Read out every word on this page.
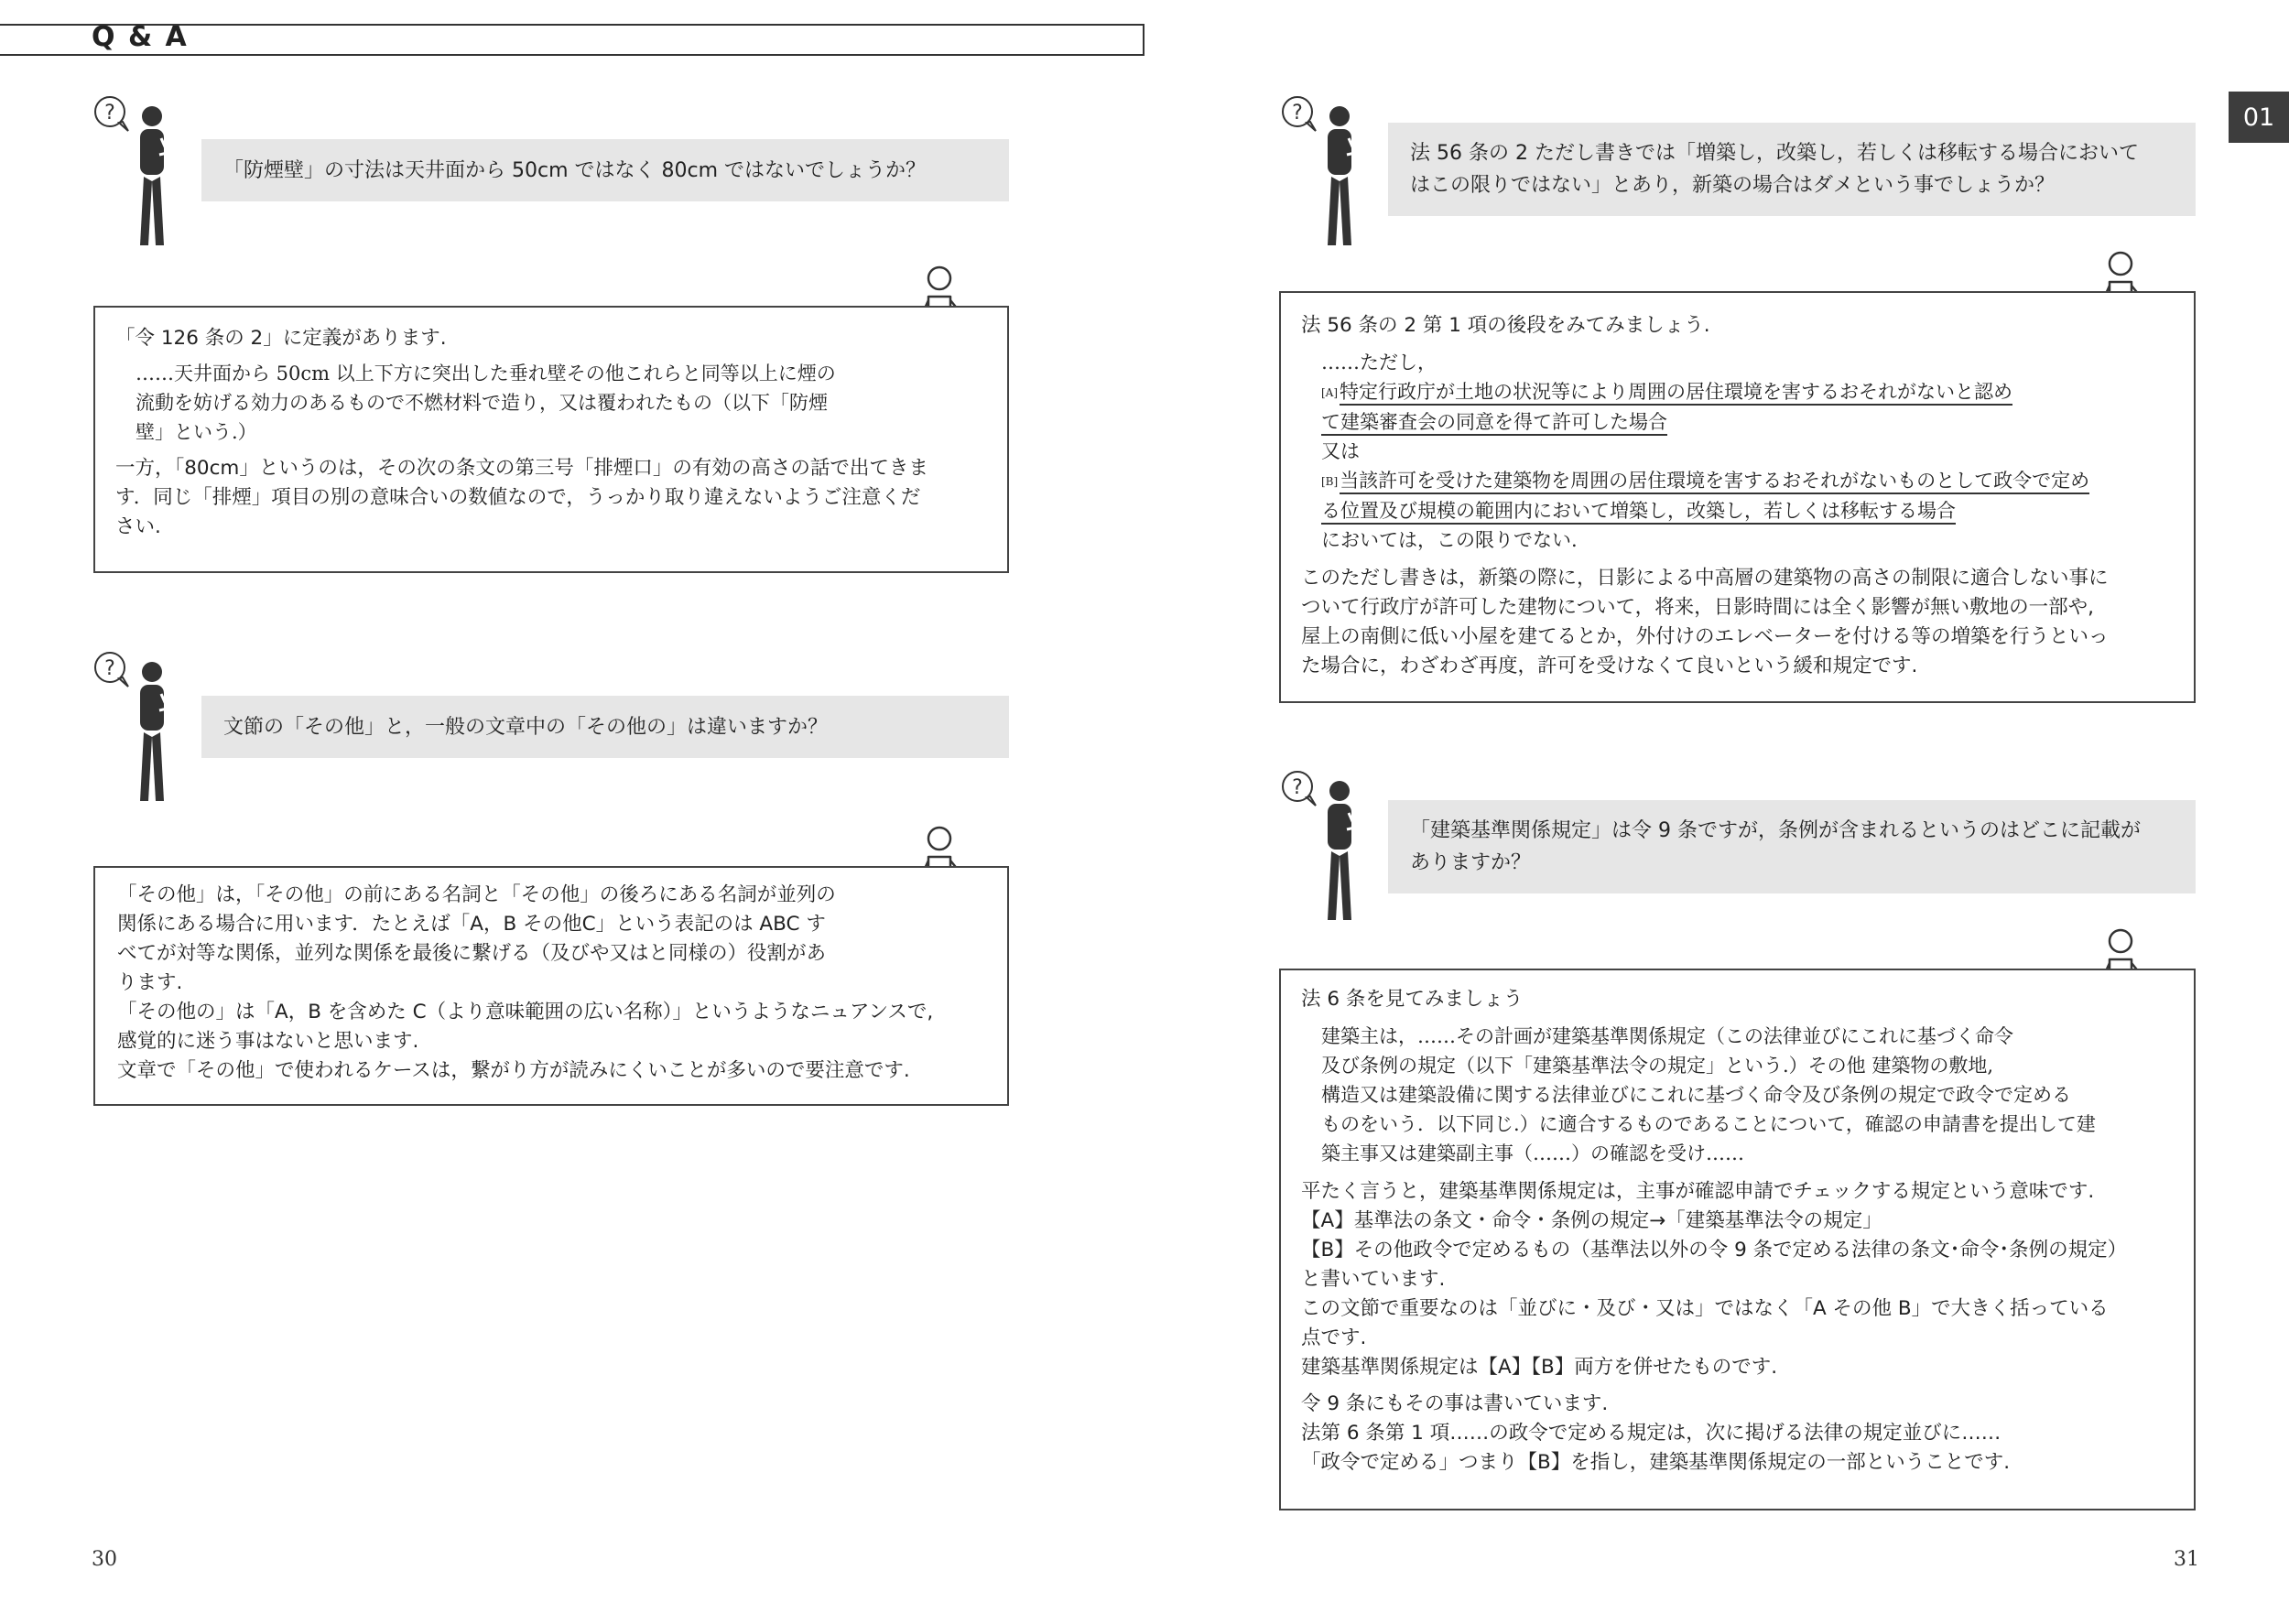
Q & A
01
?
「防煙壁」の寸法は天井面から 50cm ではなく 80cm ではないでしょうか？

「令 126 条の 2」に定義があります.

……天井面から 50cm 以上下方に突出した垂れ壁その他これらと同等以上に煙の

流動を妨げる効力のあるもので不燃材料で造り，又は覆われたもの（以下「防煙

壁」という.）

一方，「80cm」というのは，その次の条文の第三号「排煙口」の有効の高さの話で出てきま

す．同じ「排煙」項目の別の意味合いの数値なので，うっかり取り違えないようご注意くだ

さい.

?
文節の「その他」と，一般の文章中の「その他の」は違いますか？

「その他」は，「その他」の前にある名詞と「その他」の後ろにある名詞が並列の

関係にある場合に用います．たとえば「A，B その他C」という表記のは ABC す

べてが対等な関係，並列な関係を最後に繋げる（及びや又はと同様の）役割があ

ります.

「その他の」は「A，B を含めた C（より意味範囲の広い名称）」というようなニュアンスで,

感覚的に迷う事はないと思います.

文章で「その他」で使われるケースは，繋がり方が読みにくいことが多いので要注意です.

?
法 56 条の 2 ただし書きでは「増築し，改築し，若しくは移転する場合において
はこの限りではない」とあり，新築の場合はダメという事でしょうか？

法 56 条の 2 第 1 項の後段をみてみましょう.

……ただし，

[A]特定行政庁が土地の状況等により周囲の居住環境を害するおそれがないと認め

て建築審査会の同意を得て許可した場合

又は

[B]当該許可を受けた建築物を周囲の居住環境を害するおそれがないものとして政令で定め

る位置及び規模の範囲内において増築し，改築し，若しくは移転する場合

においては，この限りでない.

このただし書きは，新築の際に，日影による中高層の建築物の高さの制限に適合しない事に

ついて行政庁が許可した建物について，将来，日影時間には全く影響が無い敷地の一部や,

屋上の南側に低い小屋を建てるとか，外付けのエレベーターを付ける等の増築を行うといっ

た場合に，わざわざ再度，許可を受けなくて良いという緩和規定です.

?
「建築基準関係規定」は令 9 条ですが，条例が含まれるというのはどこに記載が
ありますか？

法 6 条を見てみましょう

建築主は，……その計画が建築基準関係規定（この法律並びにこれに基づく命令

及び条例の規定（以下「建築基準法令の規定」という.）その他 建築物の敷地,

構造又は建築設備に関する法律並びにこれに基づく命令及び条例の規定で政令で定める

ものをいう．以下同じ.）に適合するものであることについて，確認の申請書を提出して建

築主事又は建築副主事（……）の確認を受け……

平たく言うと，建築基準関係規定は，主事が確認申請でチェックする規定という意味です.

【A】基準法の条文・命令・条例の規定→「建築基準法令の規定」

【B】その他政令で定めるもの（基準法以外の令 9 条で定める法律の条文･命令･条例の規定）

と書いています.

この文節で重要なのは「並びに・及び・又は」ではなく「A その他 B」で大きく括っている

点です.

建築基準関係規定は【A】【B】両方を併せたものです.

令 9 条にもその事は書いています.

法第 6 条第 1 項……の政令で定める規定は，次に掲げる法律の規定並びに……

「政令で定める」つまり【B】を指し，建築基準関係規定の一部ということです.

30	31
